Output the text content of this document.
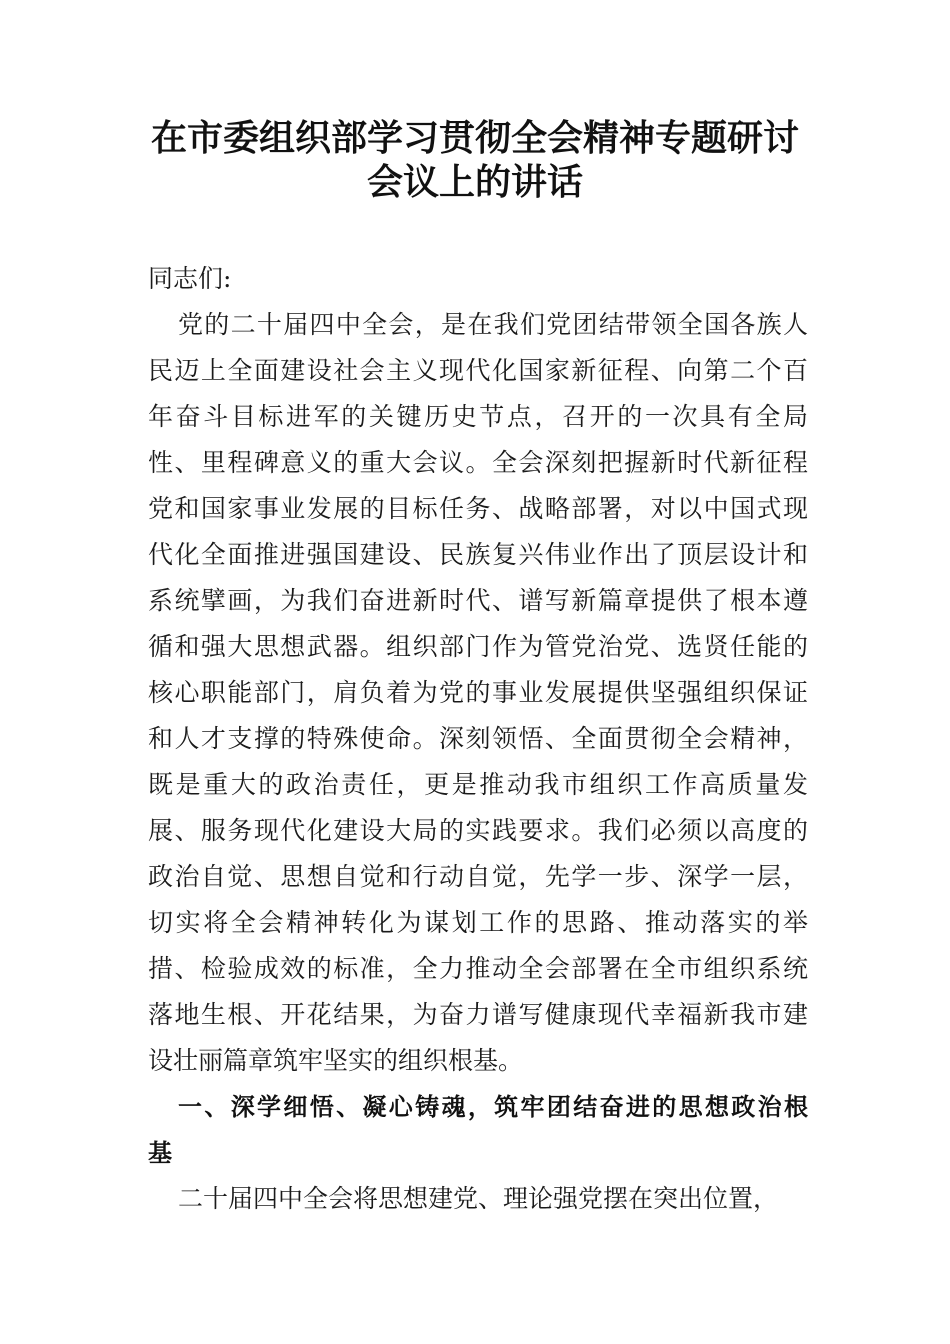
在市委组织部学习贯彻全会精神专题研讨
会议上的讲话
同志们:
党的二十届四中全会，是在我们党团结带领全国各族人
民迈上全面建设社会主义现代化国家新征程、向第二个百
年奋斗目标进军的关键历史节点，召开的一次具有全局
性、里程碑意义的重大会议。全会深刻把握新时代新征程
党和国家事业发展的目标任务、战略部署，对以中国式现
代化全面推进强国建设、民族复兴伟业作出了顶层设计和
系统擘画，为我们奋进新时代、谱写新篇章提供了根本遵
循和强大思想武器。组织部门作为管党治党、选贤任能的
核心职能部门，肩负着为党的事业发展提供坚强组织保证
和人才支撑的特殊使命。深刻领悟、全面贯彻全会精神，
既是重大的政治责任，更是推动我市组织工作高质量发
展、服务现代化建设大局的实践要求。我们必须以高度的
政治自觉、思想自觉和行动自觉，先学一步、深学一层，
切实将全会精神转化为谋划工作的思路、推动落实的举
措、检验成效的标准，全力推动全会部署在全市组织系统
落地生根、开花结果，为奋力谱写健康现代幸福新我市建
设壮丽篇章筑牢坚实的组织根基。
一、深学细悟、凝心铸魂，筑牢团结奋进的思想政治根
基
二十届四中全会将思想建党、理论强党摆在突出位置，
